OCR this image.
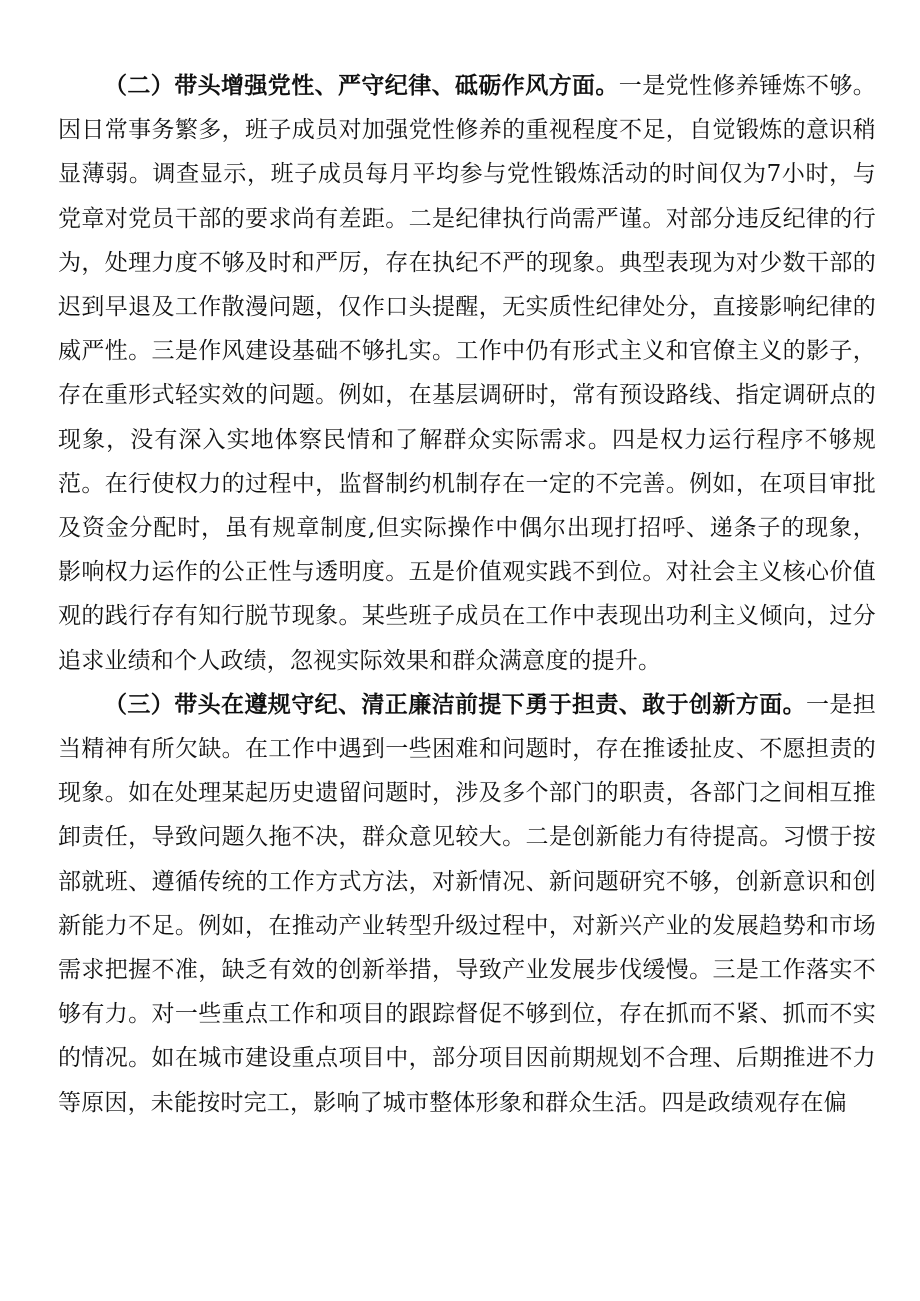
（二）带头增强党性、严守纪律、砥砺作风方面。一是党性修养锤炼不够。因日常事务繁多，班子成员对加强党性修养的重视程度不足，自觉锻炼的意识稍显薄弱。调查显示，班子成员每月平均参与党性锻炼活动的时间仅为7小时，与党章对党员干部的要求尚有差距。二是纪律执行尚需严谨。对部分违反纪律的行为，处理力度不够及时和严厉，存在执纪不严的现象。典型表现为对少数干部的迟到早退及工作散漫问题，仅作口头提醒，无实质性纪律处分，直接影响纪律的威严性。三是作风建设基础不够扎实。工作中仍有形式主义和官僚主义的影子，存在重形式轻实效的问题。例如，在基层调研时，常有预设路线、指定调研点的现象，没有深入实地体察民情和了解群众实际需求。四是权力运行程序不够规范。在行使权力的过程中，监督制约机制存在一定的不完善。例如，在项目审批及资金分配时，虽有规章制度,但实际操作中偶尔出现打招呼、递条子的现象，影响权力运作的公正性与透明度。五是价值观实践不到位。对社会主义核心价值观的践行存有知行脱节现象。某些班子成员在工作中表现出功利主义倾向，过分追求业绩和个人政绩，忽视实际效果和群众满意度的提升。

（三）带头在遵规守纪、清正廉洁前提下勇于担责、敢于创新方面。一是担当精神有所欠缺。在工作中遇到一些困难和问题时，存在推诿扯皮、不愿担责的现象。如在处理某起历史遗留问题时，涉及多个部门的职责，各部门之间相互推卸责任，导致问题久拖不决，群众意见较大。二是创新能力有待提高。习惯于按部就班、遵循传统的工作方式方法，对新情况、新问题研究不够，创新意识和创新能力不足。例如，在推动产业转型升级过程中，对新兴产业的发展趋势和市场需求把握不准，缺乏有效的创新举措，导致产业发展步伐缓慢。三是工作落实不够有力。对一些重点工作和项目的跟踪督促不够到位，存在抓而不紧、抓而不实的情况。如在城市建设重点项目中，部分项目因前期规划不合理、后期推进不力等原因，未能按时完工，影响了城市整体形象和群众生活。四是政绩观存在偏
